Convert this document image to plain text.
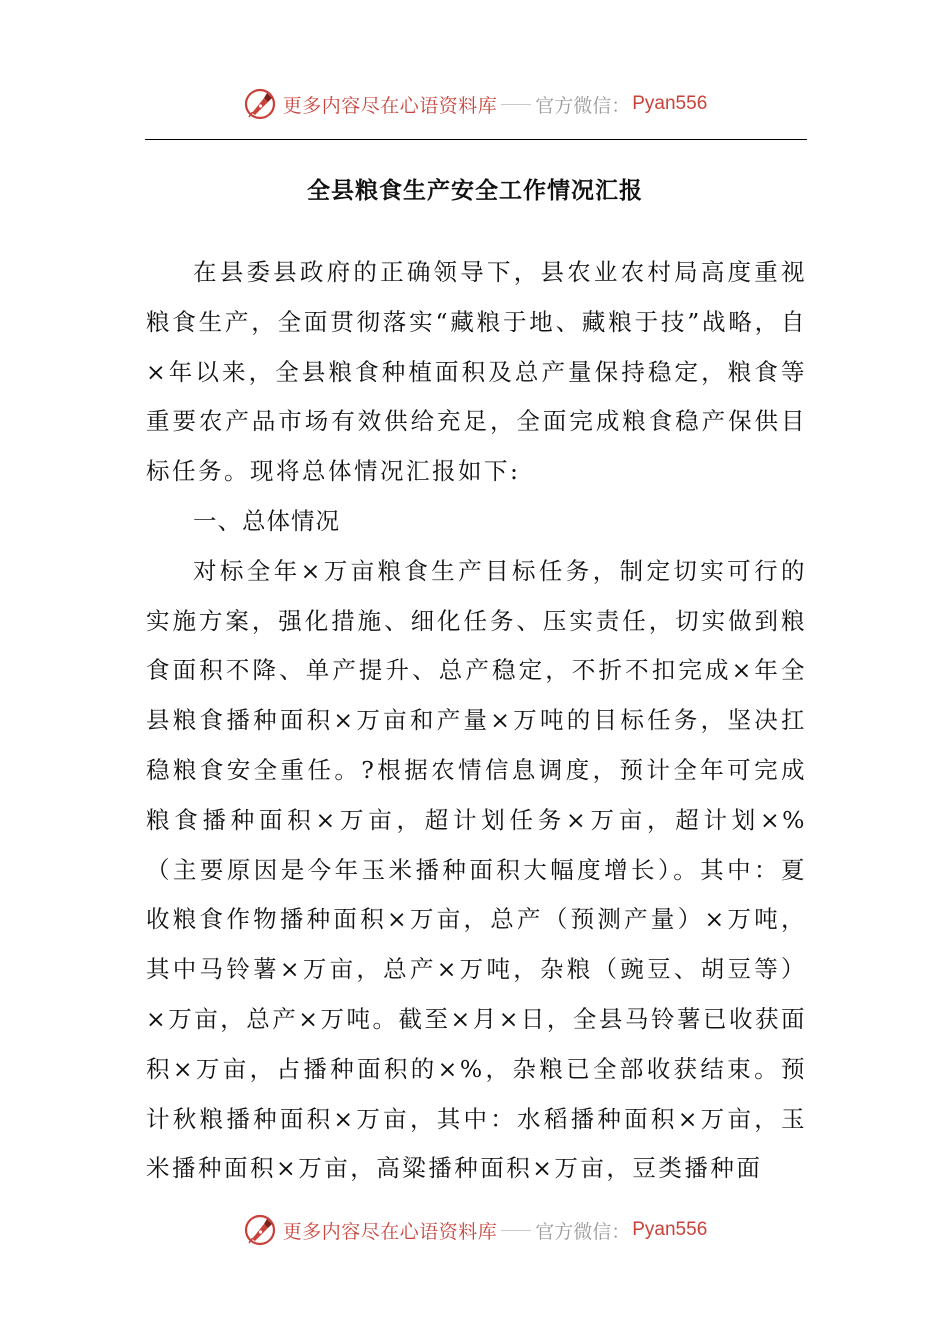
更多内容尽在心语资料库 官方微信： Pyan556
全县粮食生产安全工作情况汇报

在县委县政府的正确领导下，县农业农村局高度重视粮食生产，全面贯彻落实“藏粮于地、藏粮于技”战略，自×年以来，全县粮食种植面积及总产量保持稳定，粮食等重要农产品市场有效供给充足，全面完成粮食稳产保供目标任务。现将总体情况汇报如下:

一、总体情况

对标全年×万亩粮食生产目标任务，制定切实可行的实施方案，强化措施、细化任务、压实责任，切实做到粮食面积不降、单产提升、总产稳定，不折不扣完成×年全县粮食播种面积×万亩和产量×万吨的目标任务，坚决扛稳粮食安全重任。?根据农情信息调度，预计全年可完成粮食播种面积×万亩，超计划任务×万亩，超计划×%（主要原因是今年玉米播种面积大幅度增长）。其中：夏收粮食作物播种面积×万亩，总产（预测产量）×万吨，其中马铃薯×万亩，总产×万吨，杂粮（豌豆、胡豆等）×万亩，总产×万吨。截至×月×日，全县马铃薯已收获面积×万亩，占播种面积的×%，杂粮已全部收获结束。预计秋粮播种面积×万亩，其中：水稻播种面积×万亩，玉米播种面积×万亩，高粱播种面积×万亩，豆类播种面

更多内容尽在心语资料库 官方微信： Pyan556
